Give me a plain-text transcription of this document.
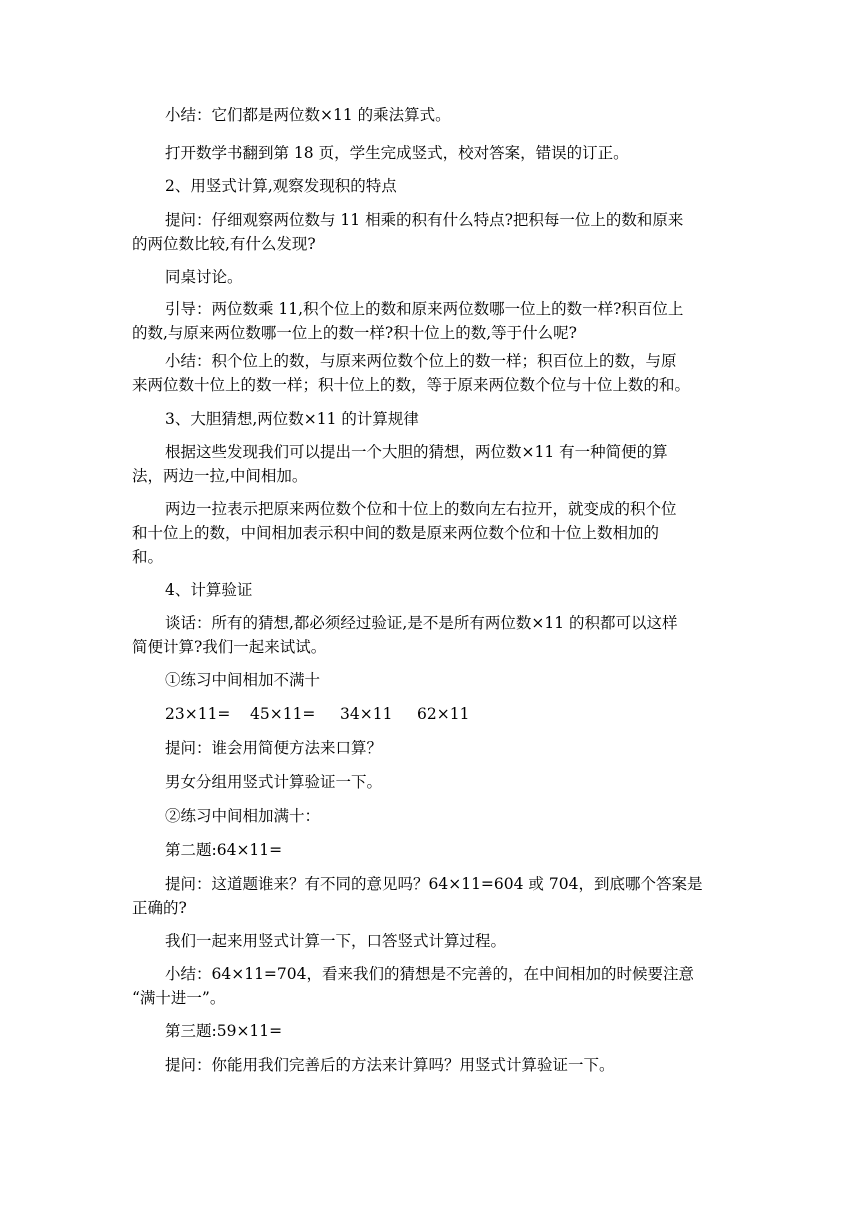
小结：它们都是两位数×11 的乘法算式。
打开数学书翻到第 18 页，学生完成竖式，校对答案，错误的订正。
2、用竖式计算,观察发现积的特点
提问：仔细观察两位数与 11 相乘的积有什么特点?把积每一位上的数和原来
的两位数比较,有什么发现?
同桌讨论。
引导：两位数乘 11,积个位上的数和原来两位数哪一位上的数一样?积百位上
的数,与原来两位数哪一位上的数一样?积十位上的数,等于什么呢?
小结：积个位上的数，与原来两位数个位上的数一样；积百位上的数，与原
来两位数十位上的数一样；积十位上的数，等于原来两位数个位与十位上数的和。
3、大胆猜想,两位数×11 的计算规律
根据这些发现我们可以提出一个大胆的猜想，两位数×11 有一种简便的算
法，两边一拉,中间相加。
两边一拉表示把原来两位数个位和十位上的数向左右拉开，就变成的积个位
和十位上的数，中间相加表示积中间的数是原来两位数个位和十位上数相加的
和。
4、计算验证
谈话：所有的猜想,都必须经过验证,是不是所有两位数×11 的积都可以这样
简便计算?我们一起来试试。
①练习中间相加不满十
23×11= 45×11= 34×11 62×11
提问：谁会用简便方法来口算？
男女分组用竖式计算验证一下。
②练习中间相加满十：
第二题:64×11=
提问：这道题谁来？有不同的意见吗？64×11=604 或 704，到底哪个答案是
正确的?
我们一起来用竖式计算一下，口答竖式计算过程。
小结：64×11=704，看来我们的猜想是不完善的，在中间相加的时候要注意
“满十进一”。
第三题:59×11=
提问：你能用我们完善后的方法来计算吗？用竖式计算验证一下。
